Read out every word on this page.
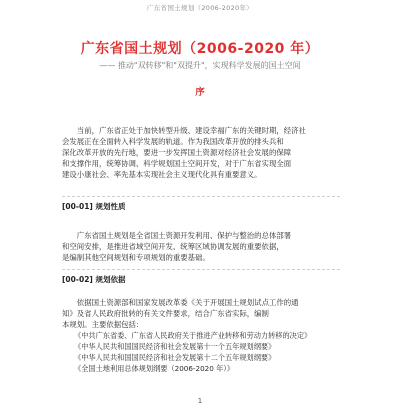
广东省国土规划（2006-2020年）
广东省国土规划（2006-2020 年）
—— 推动"双转移"和"双提升"，实现科学发展的国土空间
序
当前，广东省正处于加快转型升级、建设幸福广东的关键时期，经济社
会发展正在全面转入科学发展的轨道。作为我国改革开放的排头兵和
深化改革开放的先行地，要进一步发挥国土资源对经济社会发展的保障
和支撑作用，统筹协调、科学规划国土空间开发，对于广东省实现全面
建设小康社会、率先基本实现社会主义现代化具有重要意义。
[00-01] 规划性质
广东省国土规划是全省国土资源开发利用、保护与整治的总体部署
和空间安排，是推进省域空间开发、统筹区域协调发展的重要依据，
是编制其他空间规划和专项规划的重要基础。
[00-02] 规划依据
依据国土资源部和国家发展改革委《关于开展国土规划试点工作的通
知》及省人民政府批转的有关文件要求，结合广东省实际，编制
本规划。主要依据包括：
《中共广东省委、广东省人民政府关于推进产业转移和劳动力转移的决定》
《中华人民共和国国民经济和社会发展第十一个五年规划纲要》
《中华人民共和国国民经济和社会发展第十二个五年规划纲要》
《全国土地利用总体规划纲要（2006-2020 年）》
1
